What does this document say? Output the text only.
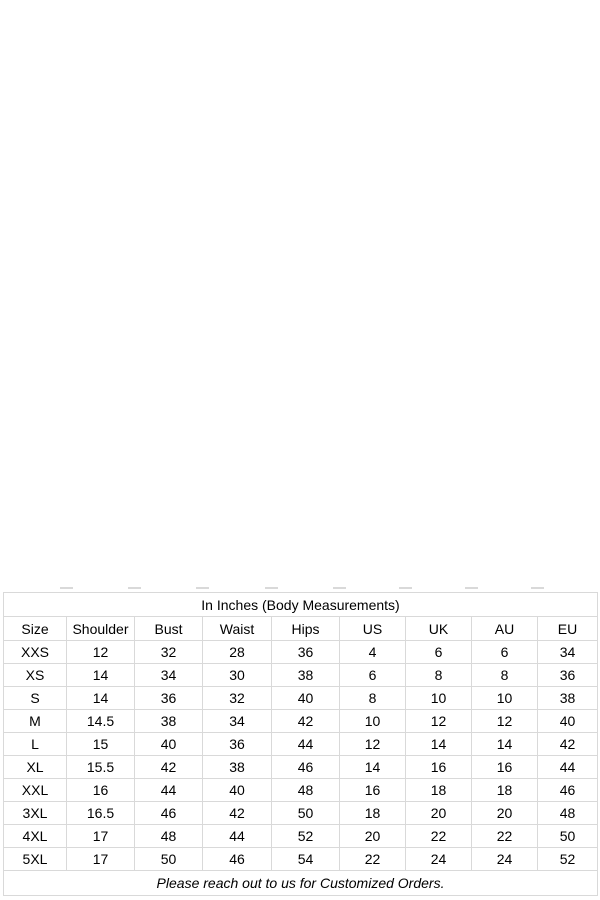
In Inches (Body Measurements)								
Size	Shoulder	Bust	Waist	Hips	US	UK	AU	EU
XXS	12	32	28	36	4	6	6	34
XS	14	34	30	38	6	8	8	36
S	14	36	32	40	8	10	10	38
M	14.5	38	34	42	10	12	12	40
L	15	40	36	44	12	14	14	42
XL	15.5	42	38	46	14	16	16	44
XXL	16	44	40	48	16	18	18	46
3XL	16.5	46	42	50	18	20	20	48
4XL	17	48	44	52	20	22	22	50
5XL	17	50	46	54	22	24	24	52
Please reach out to us for Customized Orders.								
